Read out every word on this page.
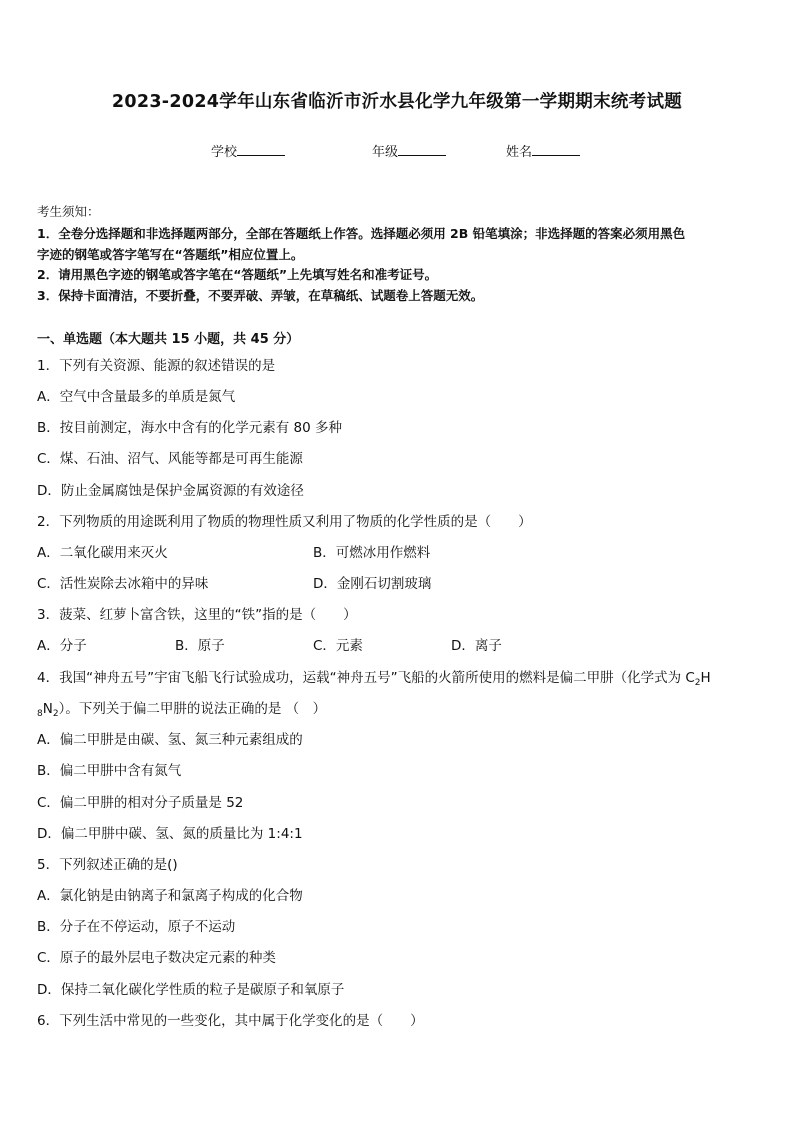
2023-2024学年山东省临沂市沂水县化学九年级第一学期期末统考试题
学校	年级	姓名
考生须知：
1．全卷分选择题和非选择题两部分，全部在答题纸上作答。选择题必须用 2B 铅笔填涂；非选择题的答案必须用黑色
字迹的钢笔或答字笔写在“答题纸”相应位置上。
2．请用黑色字迹的钢笔或答字笔在“答题纸”上先填写姓名和准考证号。
3．保持卡面清洁，不要折叠，不要弄破、弄皱，在草稿纸、试题卷上答题无效。
一、单选题（本大题共 15 小题，共 45 分）
1．下列有关资源、能源的叙述错误的是
A．空气中含量最多的单质是氮气
B．按目前测定，海水中含有的化学元素有 80 多种
C．煤、石油、沼气、风能等都是可再生能源
D．防止金属腐蚀是保护金属资源的有效途径
2．下列物质的用途既利用了物质的物理性质又利用了物质的化学性质的是（　　）
A．二氧化碳用来灭火	B．可燃冰用作燃料
C．活性炭除去冰箱中的异味	D．金刚石切割玻璃
3．菠菜、红萝卜富含铁，这里的“铁”指的是（　　）
A．分子	B．原子	C．元素	D．离子
4．我国“神舟五号”宇宙飞船飞行试验成功，运载“神舟五号”飞船的火箭所使用的燃料是偏二甲肼（化学式为 $C_2H$
$_8N_2$）。下列关于偏二甲肼的说法正确的是 （　）
A．偏二甲肼是由碳、氢、氮三种元素组成的
B．偏二甲肼中含有氮气
C．偏二甲肼的相对分子质量是 52
D．偏二甲肼中碳、氢、氮的质量比为 1:4:1
5．下列叙述正确的是()
A．氯化钠是由钠离子和氯离子构成的化合物
B．分子在不停运动，原子不运动
C．原子的最外层电子数决定元素的种类
D．保持二氧化碳化学性质的粒子是碳原子和氧原子
6．下列生活中常见的一些变化，其中属于化学变化的是（　　）
